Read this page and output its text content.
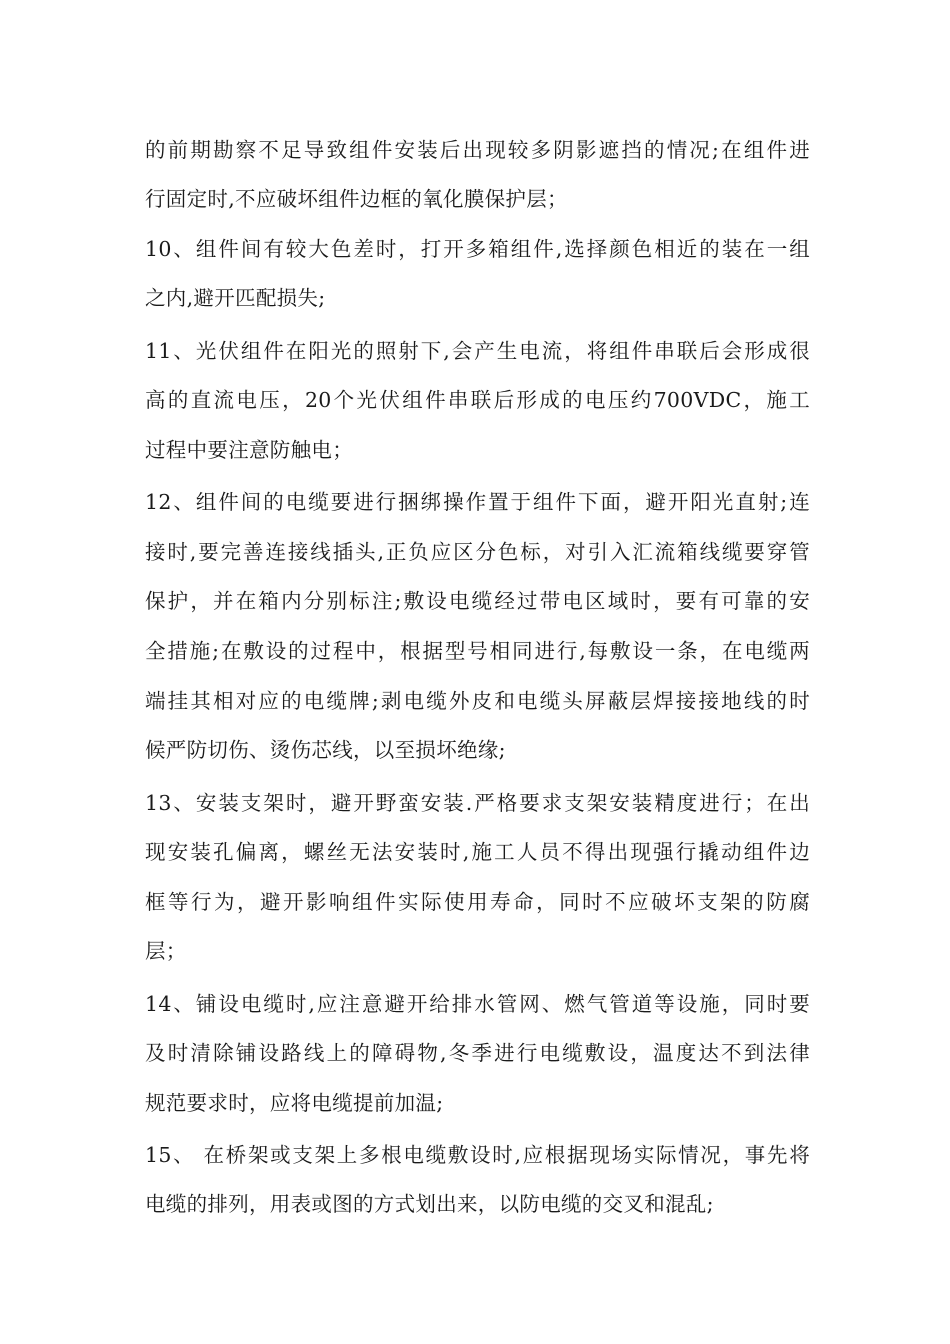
的前期勘察不足导致组件安装后出现较多阴影遮挡的情况;在组件进
行固定时,不应破坏组件边框的氧化膜保护层；
10、组件间有较大色差时，打开多箱组件,选择颜色相近的装在一组
之内,避开匹配损失;
11、光伏组件在阳光的照射下,会产生电流，将组件串联后会形成很
高的直流电压，20个光伏组件串联后形成的电压约700VDC，施工
过程中要注意防触电；
12、组件间的电缆要进行捆绑操作置于组件下面，避开阳光直射;连
接时,要完善连接线插头,正负应区分色标，对引入汇流箱线缆要穿管
保护，并在箱内分别标注;敷设电缆经过带电区域时，要有可靠的安
全措施;在敷设的过程中，根据型号相同进行,每敷设一条，在电缆两
端挂其相对应的电缆牌;剥电缆外皮和电缆头屏蔽层焊接接地线的时
候严防切伤、烫伤芯线，以至损坏绝缘;
13、安装支架时，避开野蛮安装.严格要求支架安装精度进行；在出
现安装孔偏离，螺丝无法安装时,施工人员不得出现强行撬动组件边
框等行为，避开影响组件实际使用寿命，同时不应破坏支架的防腐
层；
14、铺设电缆时,应注意避开给排水管网、燃气管道等设施，同时要
及时清除铺设路线上的障碍物,冬季进行电缆敷设，温度达不到法律
规范要求时，应将电缆提前加温;
15、 在桥架或支架上多根电缆敷设时,应根据现场实际情况，事先将
电缆的排列，用表或图的方式划出来，以防电缆的交叉和混乱;
